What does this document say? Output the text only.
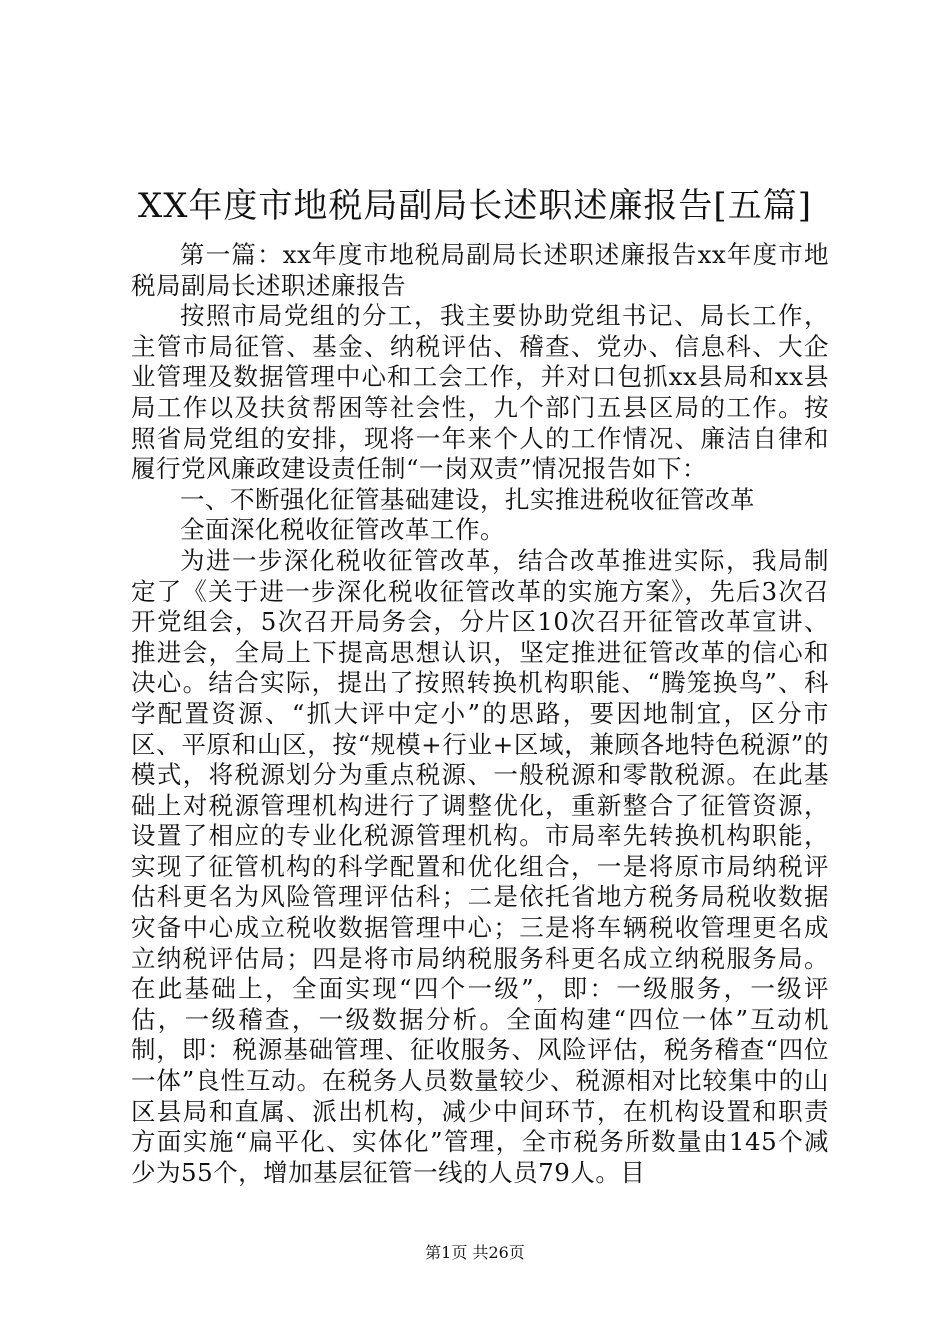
XX年度市地税局副局长述职述廉报告[五篇]

第一篇：xx年度市地税局副局长述职述廉报告xx年度市地税局副局长述职述廉报告

按照市局党组的分工，我主要协助党组书记、局长工作，主管市局征管、基金、纳税评估、稽查、党办、信息科、大企业管理及数据管理中心和工会工作，并对口包抓xx县局和xx县局工作以及扶贫帮困等社会性，九个部门五县区局的工作。按照省局党组的安排，现将一年来个人的工作情况、廉洁自律和履行党风廉政建设责任制“一岗双责”情况报告如下：

一、不断强化征管基础建设，扎实推进税收征管改革

全面深化税收征管改革工作。

为进一步深化税收征管改革，结合改革推进实际，我局制定了《关于进一步深化税收征管改革的实施方案》，先后3次召开党组会，5次召开局务会，分片区10次召开征管改革宣讲、推进会，全局上下提高思想认识，坚定推进征管改革的信心和决心。结合实际，提出了按照转换机构职能、“腾笼换鸟”、科学配置资源、“抓大评中定小”的思路，要因地制宜，区分市区、平原和山区，按“规模+行业+区域，兼顾各地特色税源”的模式，将税源划分为重点税源、一般税源和零散税源。在此基础上对税源管理机构进行了调整优化，重新整合了征管资源，设置了相应的专业化税源管理机构。市局率先转换机构职能，实现了征管机构的科学配置和优化组合，一是将原市局纳税评估科更名为风险管理评估科；二是依托省地方税务局税收数据灾备中心成立税收数据管理中心；三是将车辆税收管理更名成立纳税评估局；四是将市局纳税服务科更名成立纳税服务局。在此基础上，全面实现“四个一级”，即：一级服务，一级评估，一级稽查，一级数据分析。全面构建“四位一体”互动机制，即：税源基础管理、征收服务、风险评估，税务稽查“四位一体”良性互动。在税务人员数量较少、税源相对比较集中的山区县局和直属、派出机构，减少中间环节，在机构设置和职责方面实施“扁平化、实体化”管理，全市税务所数量由145个减少为55个，增加基层征管一线的人员79人。目

第1页 共26页
